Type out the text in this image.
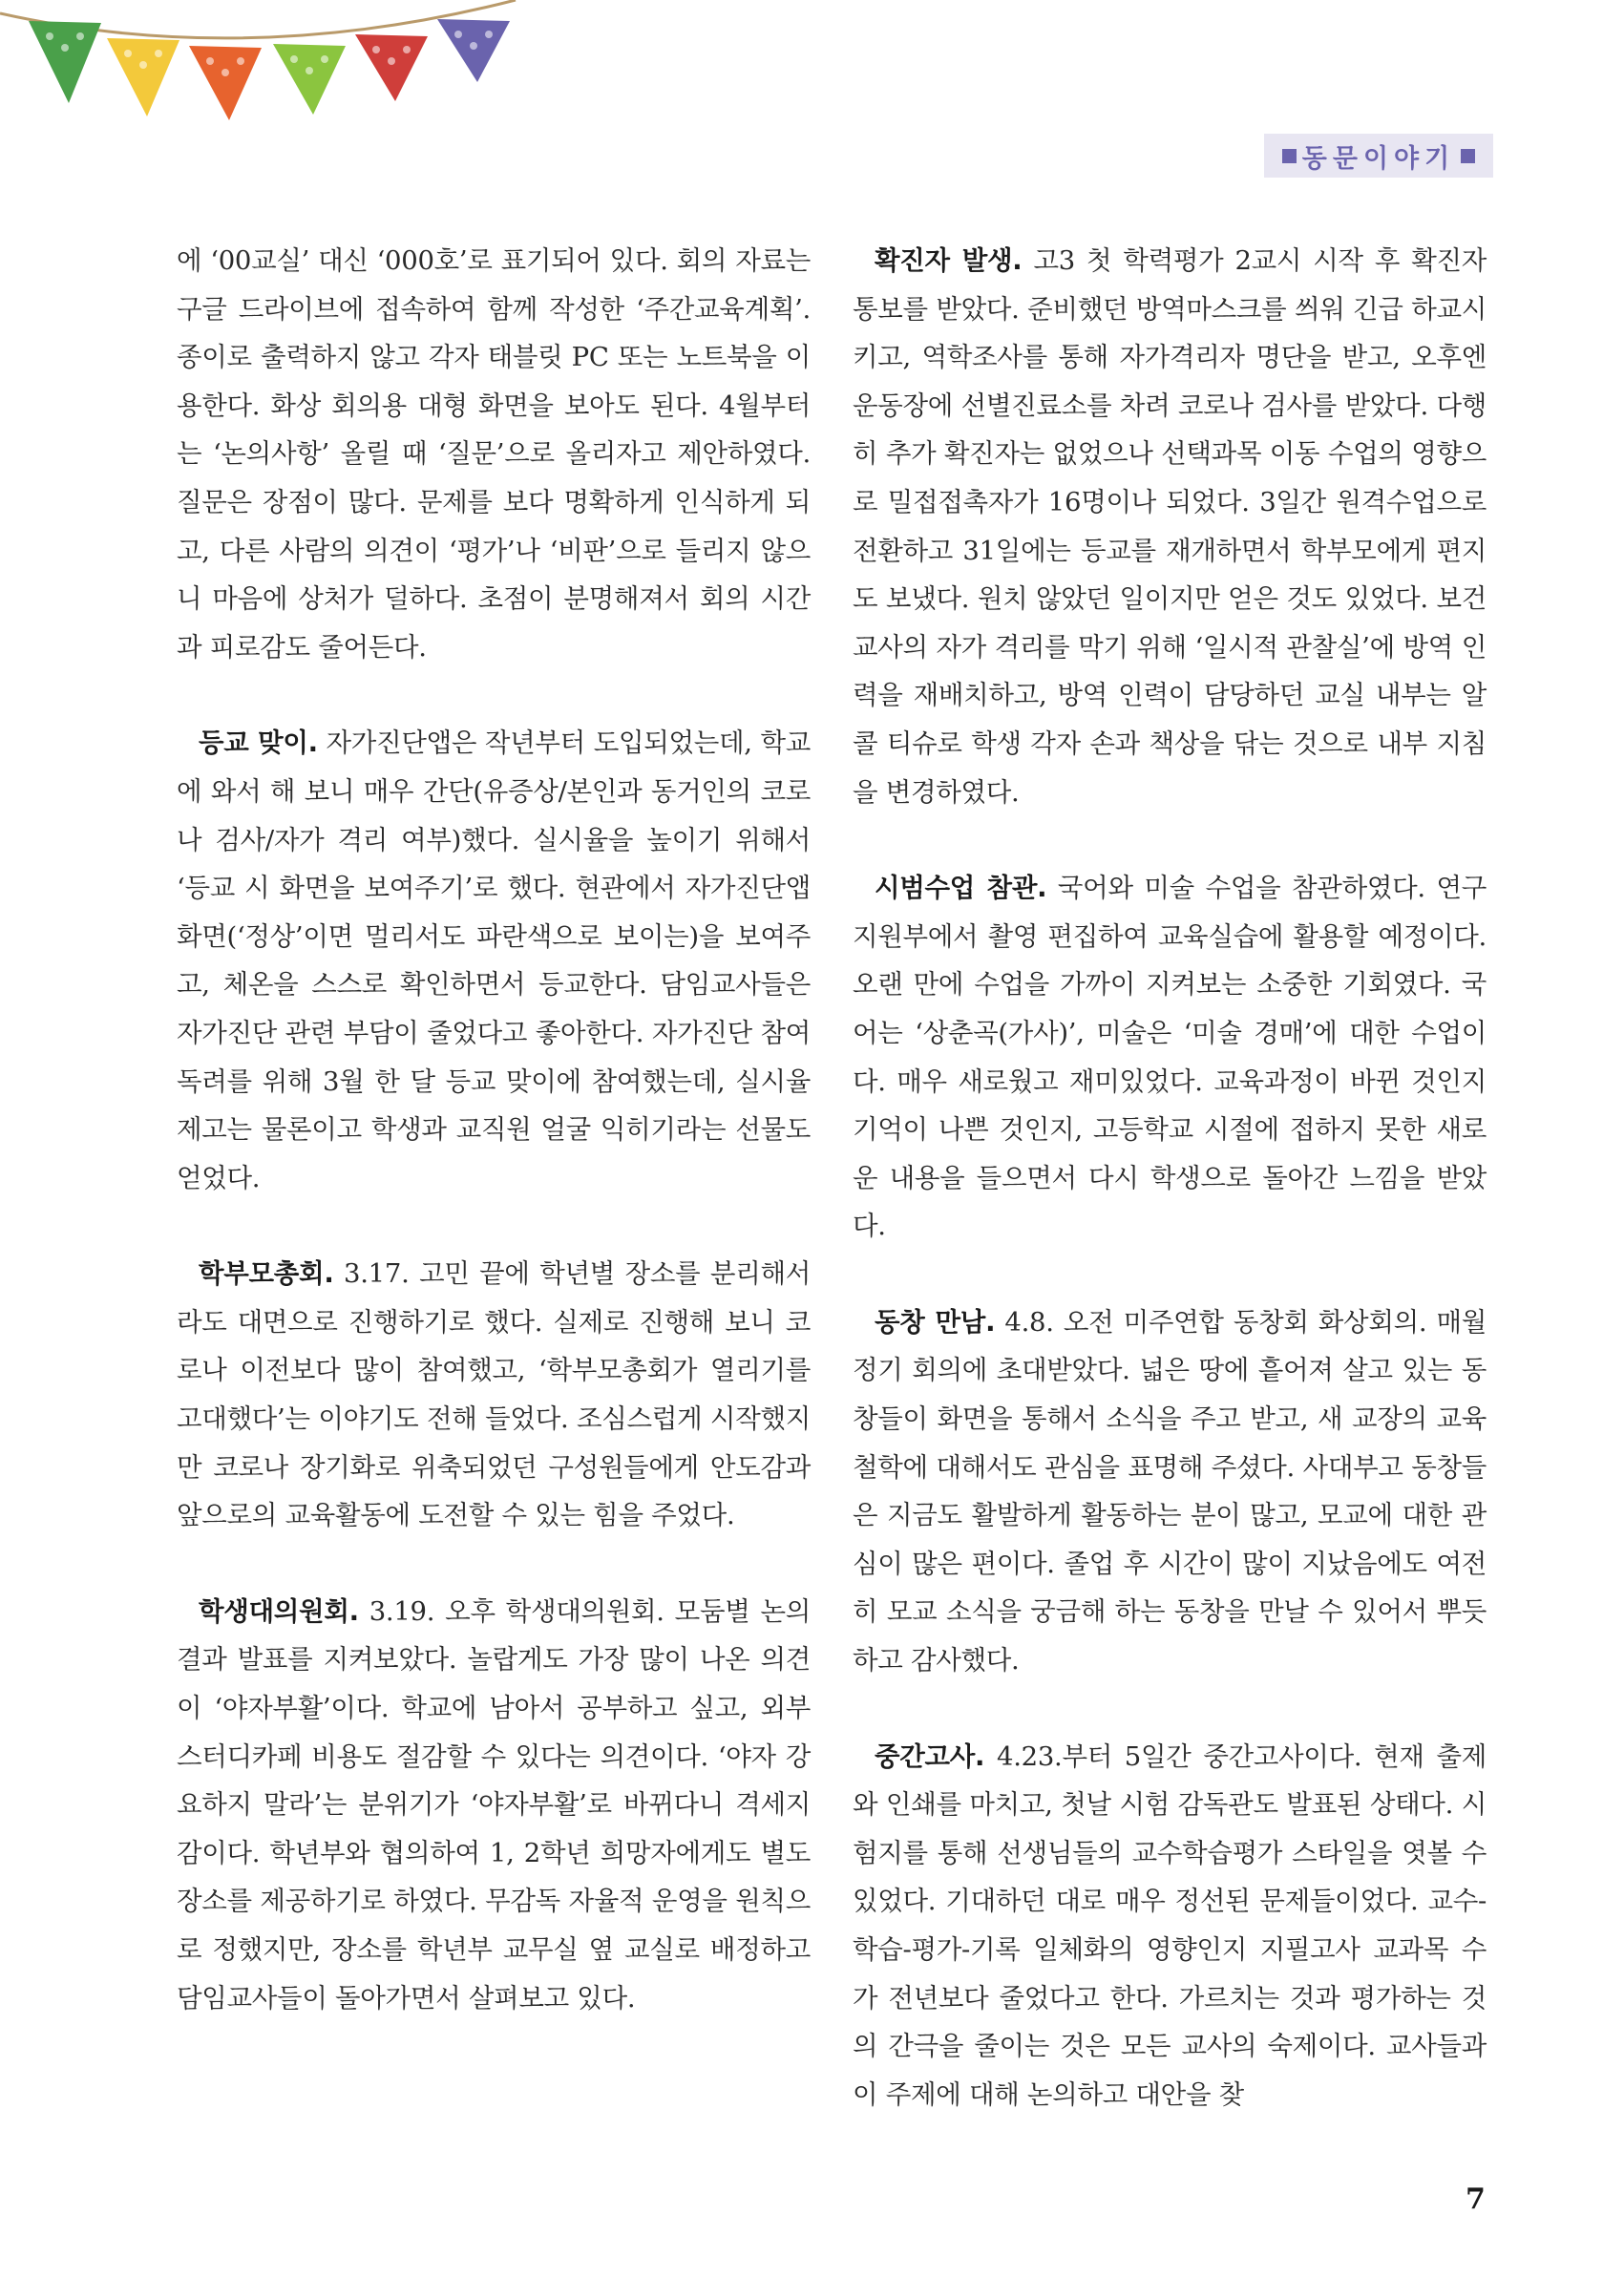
동문이야기

에 ‘00교실’ 대신 ‘000호’로 표기되어 있다. 회의 자료는 구글 드라이브에 접속하여 함께 작성한 ‘주간교육계획’. 종이로 출력하지 않고 각자 태블릿 PC 또는 노트북을 이용한다. 화상 회의용 대형 화면을 보아도 된다. 4월부터는 ‘논의사항’ 올릴 때 ‘질문’으로 올리자고 제안하였다. 질문은 장점이 많다. 문제를 보다 명확하게 인식하게 되고, 다른 사람의 의견이 ‘평가’나 ‘비판’으로 들리지 않으니 마음에 상처가 덜하다. 초점이 분명해져서 회의 시간과 피로감도 줄어든다.

등교 맞이. 자가진단앱은 작년부터 도입되었는데, 학교에 와서 해 보니 매우 간단(유증상/본인과 동거인의 코로나 검사/자가 격리 여부)했다. 실시율을 높이기 위해서 ‘등교 시 화면을 보여주기’로 했다. 현관에서 자가진단앱 화면(‘정상’이면 멀리서도 파란색으로 보이는)을 보여주고, 체온을 스스로 확인하면서 등교한다. 담임교사들은 자가진단 관련 부담이 줄었다고 좋아한다. 자가진단 참여 독려를 위해 3월 한 달 등교 맞이에 참여했는데, 실시율 제고는 물론이고 학생과 교직원 얼굴 익히기라는 선물도 얻었다.

학부모총회. 3.17. 고민 끝에 학년별 장소를 분리해서라도 대면으로 진행하기로 했다. 실제로 진행해 보니 코로나 이전보다 많이 참여했고, ‘학부모총회가 열리기를 고대했다’는 이야기도 전해 들었다. 조심스럽게 시작했지만 코로나 장기화로 위축되었던 구성원들에게 안도감과 앞으로의 교육활동에 도전할 수 있는 힘을 주었다.

학생대의원회. 3.19. 오후 학생대의원회. 모둠별 논의 결과 발표를 지켜보았다. 놀랍게도 가장 많이 나온 의견이 ‘야자부활’이다. 학교에 남아서 공부하고 싶고, 외부 스터디카페 비용도 절감할 수 있다는 의견이다. ‘야자 강요하지 말라’는 분위기가 ‘야자부활’로 바뀌다니 격세지감이다. 학년부와 협의하여 1, 2학년 희망자에게도 별도 장소를 제공하기로 하였다. 무감독 자율적 운영을 원칙으로 정했지만, 장소를 학년부 교무실 옆 교실로 배정하고 담임교사들이 돌아가면서 살펴보고 있다.

확진자 발생. 고3 첫 학력평가 2교시 시작 후 확진자 통보를 받았다. 준비했던 방역마스크를 씌워 긴급 하교시키고, 역학조사를 통해 자가격리자 명단을 받고, 오후엔 운동장에 선별진료소를 차려 코로나 검사를 받았다. 다행히 추가 확진자는 없었으나 선택과목 이동 수업의 영향으로 밀접접촉자가 16명이나 되었다. 3일간 원격수업으로 전환하고 31일에는 등교를 재개하면서 학부모에게 편지도 보냈다. 원치 않았던 일이지만 얻은 것도 있었다. 보건교사의 자가 격리를 막기 위해 ‘일시적 관찰실’에 방역 인력을 재배치하고, 방역 인력이 담당하던 교실 내부는 알콜 티슈로 학생 각자 손과 책상을 닦는 것으로 내부 지침을 변경하였다.

시범수업 참관. 국어와 미술 수업을 참관하였다. 연구지원부에서 촬영 편집하여 교육실습에 활용할 예정이다. 오랜 만에 수업을 가까이 지켜보는 소중한 기회였다. 국어는 ‘상춘곡(가사)’, 미술은 ‘미술 경매’에 대한 수업이다. 매우 새로웠고 재미있었다. 교육과정이 바뀐 것인지 기억이 나쁜 것인지, 고등학교 시절에 접하지 못한 새로운 내용을 들으면서 다시 학생으로 돌아간 느낌을 받았다.

동창 만남. 4.8. 오전 미주연합 동창회 화상회의. 매월 정기 회의에 초대받았다. 넓은 땅에 흩어져 살고 있는 동창들이 화면을 통해서 소식을 주고 받고, 새 교장의 교육철학에 대해서도 관심을 표명해 주셨다. 사대부고 동창들은 지금도 활발하게 활동하는 분이 많고, 모교에 대한 관심이 많은 편이다. 졸업 후 시간이 많이 지났음에도 여전히 모교 소식을 궁금해 하는 동창을 만날 수 있어서 뿌듯하고 감사했다.

중간고사. 4.23.부터 5일간 중간고사이다. 현재 출제와 인쇄를 마치고, 첫날 시험 감독관도 발표된 상태다. 시험지를 통해 선생님들의 교수학습평가 스타일을 엿볼 수 있었다. 기대하던 대로 매우 정선된 문제들이었다. 교수-학습-평가-기록 일체화의 영향인지 지필고사 교과목 수가 전년보다 줄었다고 한다. 가르치는 것과 평가하는 것의 간극을 줄이는 것은 모든 교사의 숙제이다. 교사들과 이 주제에 대해 논의하고 대안을 찾

7
